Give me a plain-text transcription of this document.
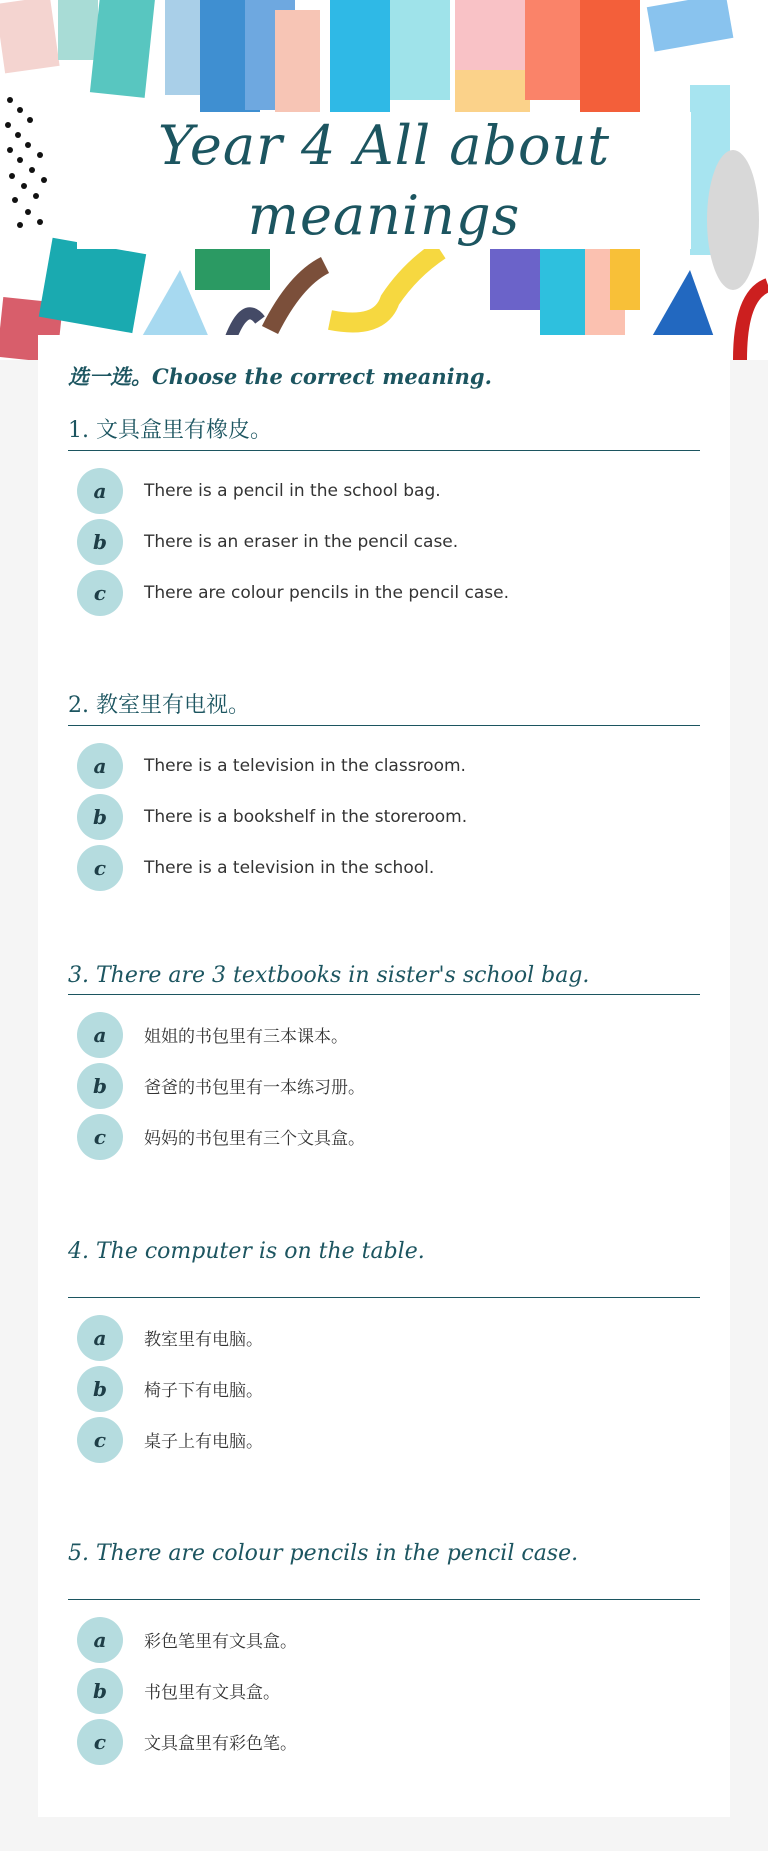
Year 4 All about meanings
选一选。Choose the correct meaning.
1. 文具盒里有橡皮。
a	There is a pencil in the school bag.
b	There is an eraser in the pencil case.
c	There are colour pencils in the pencil case.
2. 教室里有电视。
a	There is a television in the classroom.
b	There is a bookshelf in the storeroom.
c	There is a television in the school.
3. There are 3 textbooks in sister's school bag.
a	姐姐的书包里有三本课本。
b	爸爸的书包里有一本练习册。
c	妈妈的书包里有三个文具盒。
4. The computer is on the table.
a	教室里有电脑。
b	椅子下有电脑。
c	桌子上有电脑。
5. There are colour pencils in the pencil case.
a	彩色笔里有文具盒。
b	书包里有文具盒。
c	文具盒里有彩色笔。
